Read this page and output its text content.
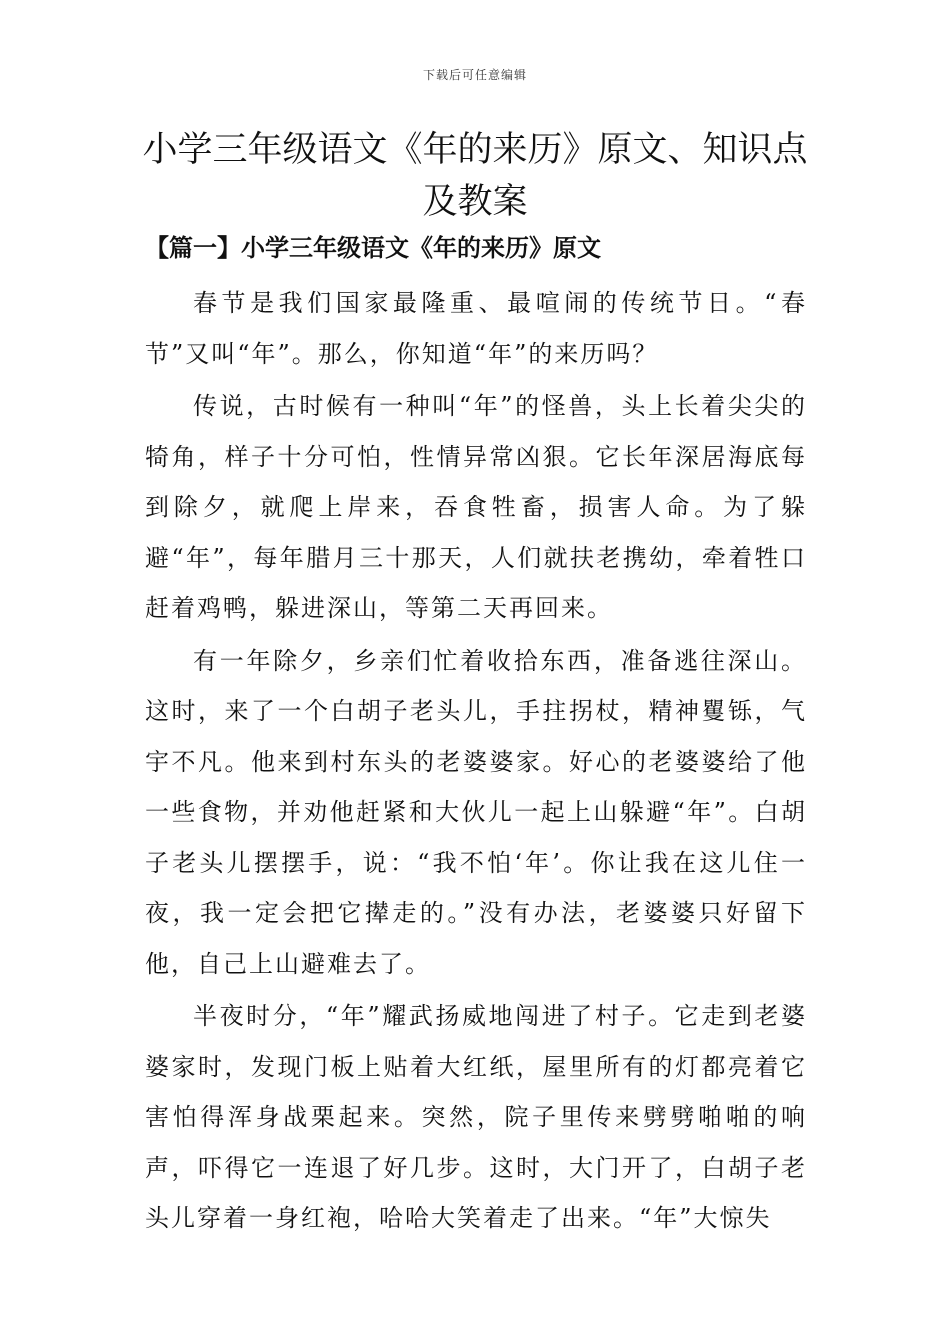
下载后可任意编辑
小学三年级语文《年的来历》原文、知识点及教案
【篇一】小学三年级语文《年的来历》原文

春节是我们国家最隆重、最喧闹的传统节日。“春节”又叫“年”。那么，你知道“年”的来历吗？

传说，古时候有一种叫“年”的怪兽，头上长着尖尖的犄角，样子十分可怕，性情异常凶狠。它长年深居海底每到除夕，就爬上岸来，吞食牲畜，损害人命。为了躲避“年”，每年腊月三十那天，人们就扶老携幼，牵着牲口赶着鸡鸭，躲进深山，等第二天再回来。

有一年除夕，乡亲们忙着收拾东西，准备逃往深山。这时，来了一个白胡子老头儿，手拄拐杖，精神矍铄，气宇不凡。他来到村东头的老婆婆家。好心的老婆婆给了他一些食物，并劝他赶紧和大伙儿一起上山躲避“年”。白胡子老头儿摆摆手，说：“我不怕‘年’。你让我在这儿住一夜，我一定会把它撵走的。”没有办法，老婆婆只好留下他，自己上山避难去了。

半夜时分，“年”耀武扬威地闯进了村子。它走到老婆婆家时，发现门板上贴着大红纸，屋里所有的灯都亮着它害怕得浑身战栗起来。突然，院子里传来劈劈啪啪的响声，吓得它一连退了好几步。这时，大门开了，白胡子老头儿穿着一身红袍，哈哈大笑着走了出来。“年”大惊失
